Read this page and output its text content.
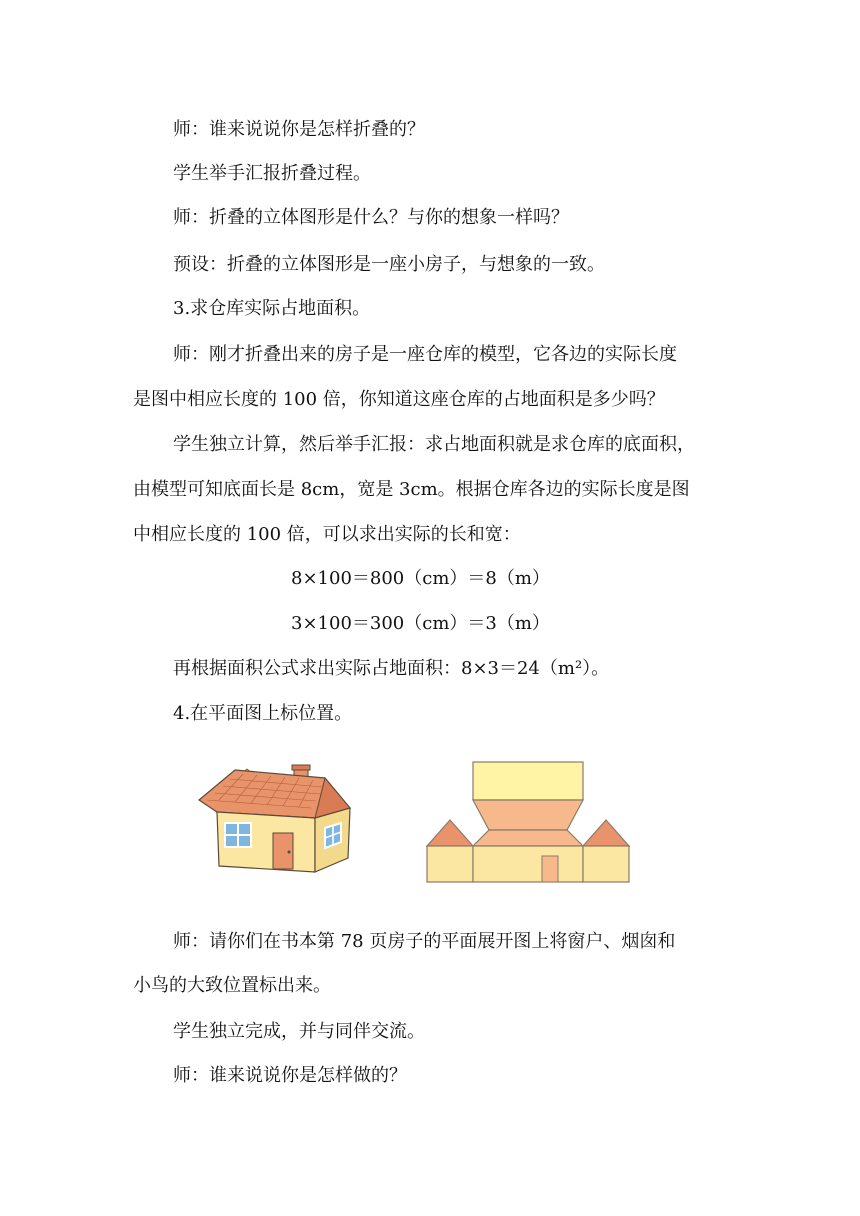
师：谁来说说你是怎样折叠的？
学生举手汇报折叠过程。
师：折叠的立体图形是什么？与你的想象一样吗？
预设：折叠的立体图形是一座小房子，与想象的一致。
3.求仓库实际占地面积。
师：刚才折叠出来的房子是一座仓库的模型，它各边的实际长度
是图中相应长度的 100 倍，你知道这座仓库的占地面积是多少吗？
学生独立计算，然后举手汇报：求占地面积就是求仓库的底面积，
由模型可知底面长是 8cm，宽是 3cm。根据仓库各边的实际长度是图
中相应长度的 100 倍，可以求出实际的长和宽：
8×100＝800（cm）＝8（m）
3×100＝300（cm）＝3（m）
再根据面积公式求出实际占地面积：8×3＝24（m²）。
4.在平面图上标位置。
师：请你们在书本第 78 页房子的平面展开图上将窗户、烟囱和
小鸟的大致位置标出来。
学生独立完成，并与同伴交流。
师：谁来说说你是怎样做的？
